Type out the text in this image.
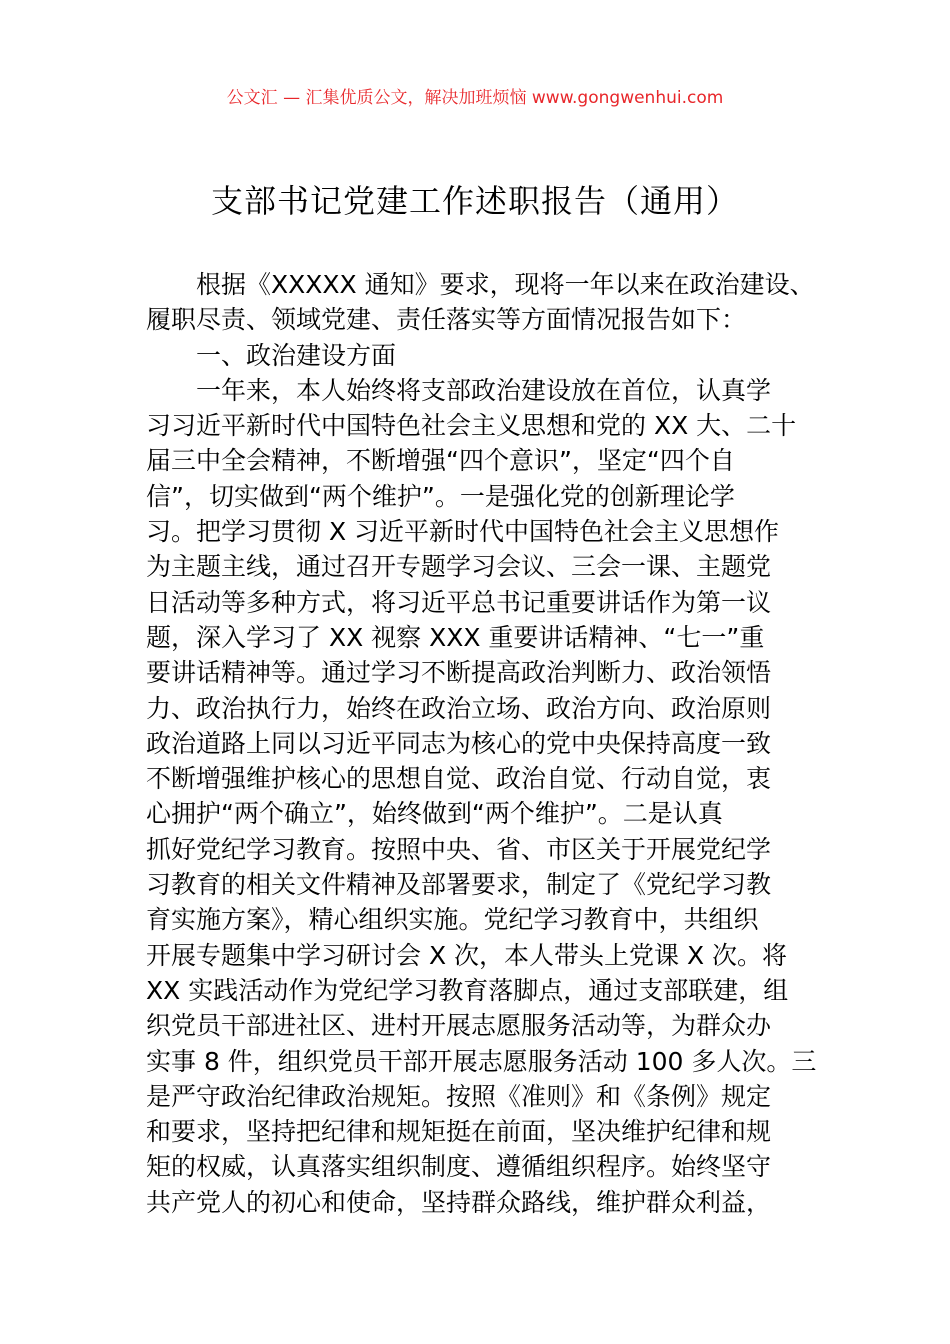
公文汇 — 汇集优质公文，解决加班烦恼 www.gongwenhui.com
支部书记党建工作述职报告（通用）
根据《XXXXX 通知》要求，现将一年以来在政治建设、
履职尽责、领域党建、责任落实等方面情况报告如下：
一、政治建设方面
一年来，本人始终将支部政治建设放在首位，认真学
习习近平新时代中国特色社会主义思想和党的 XX 大、二十
届三中全会精神，不断增强“四个意识”，坚定“四个自
信”，切实做到“两个维护”。一是强化党的创新理论学
习。把学习贯彻 X 习近平新时代中国特色社会主义思想作
为主题主线，通过召开专题学习会议、三会一课、主题党
日活动等多种方式，将习近平总书记重要讲话作为第一议
题，深入学习了 XX 视察 XXX 重要讲话精神、“七一”重
要讲话精神等。通过学习不断提高政治判断力、政治领悟
力、政治执行力，始终在政治立场、政治方向、政治原则
政治道路上同以习近平同志为核心的党中央保持高度一致
不断增强维护核心的思想自觉、政治自觉、行动自觉，衷
心拥护“两个确立”，始终做到“两个维护”。二是认真
抓好党纪学习教育。按照中央、省、市区关于开展党纪学
习教育的相关文件精神及部署要求，制定了《党纪学习教
育实施方案》，精心组织实施。党纪学习教育中，共组织
开展专题集中学习研讨会 X 次，本人带头上党课 X 次。将
XX 实践活动作为党纪学习教育落脚点，通过支部联建，组
织党员干部进社区、进村开展志愿服务活动等，为群众办
实事 8 件，组织党员干部开展志愿服务活动 100 多人次。三
是严守政治纪律政治规矩。按照《准则》和《条例》规定
和要求，坚持把纪律和规矩挺在前面，坚决维护纪律和规
矩的权威，认真落实组织制度、遵循组织程序。始终坚守
共产党人的初心和使命，坚持群众路线，维护群众利益，
